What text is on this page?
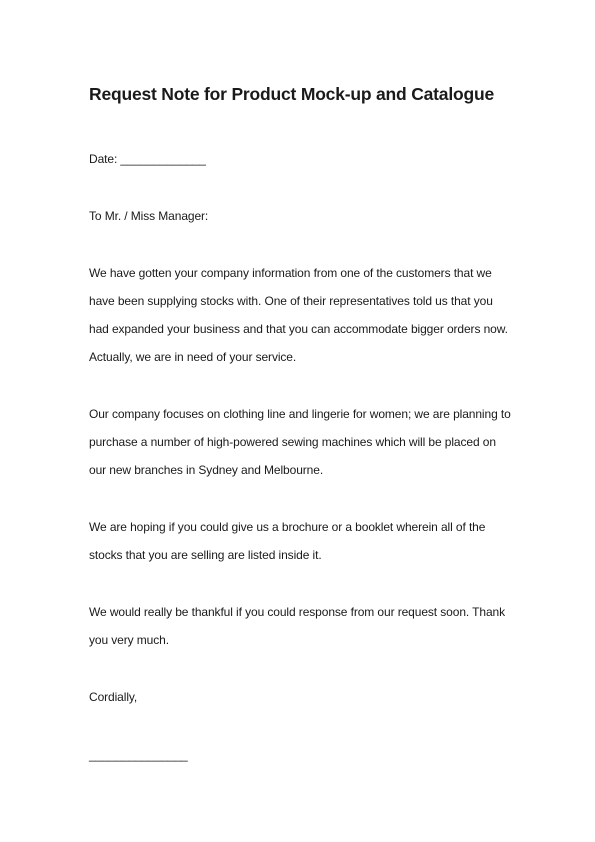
Request Note for Product Mock-up and Catalogue
Date: _____________
To Mr. / Miss Manager:
We have gotten your company information from one of the customers that we
have been supplying stocks with. One of their representatives told us that you
had expanded your business and that you can accommodate bigger orders now.
Actually, we are in need of your service.
Our company focuses on clothing line and lingerie for women; we are planning to
purchase a number of high-powered sewing machines which will be placed on
our new branches in Sydney and Melbourne.
We are hoping if you could give us a brochure or a booklet wherein all of the
stocks that you are selling are listed inside it.
We would really be thankful if you could response from our request soon. Thank
you very much.
Cordially,
_______________
